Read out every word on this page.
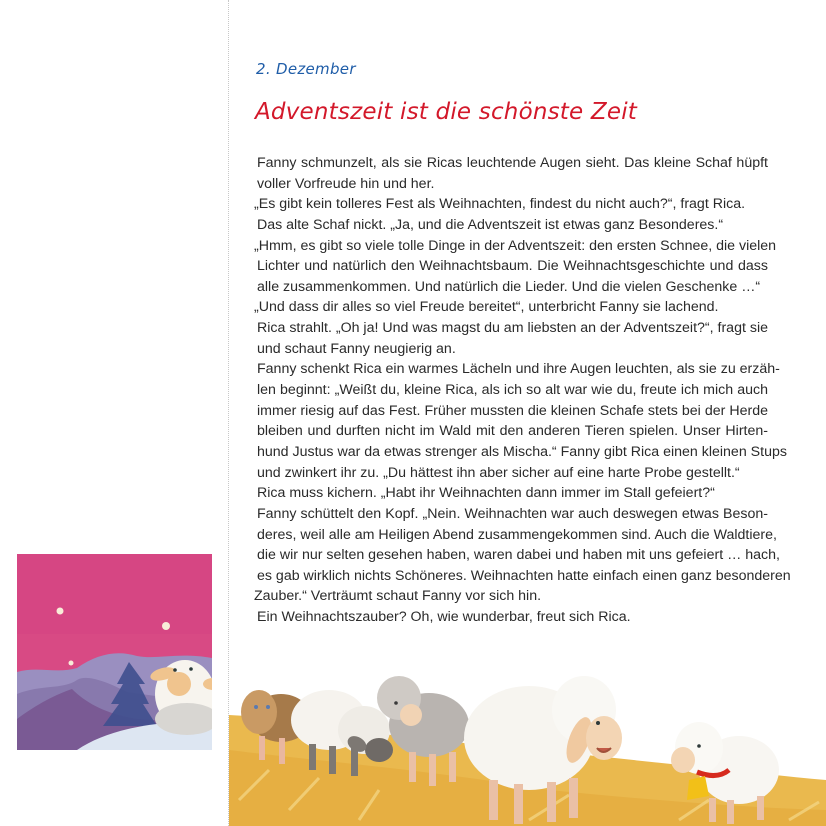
2. Dezember
Adventszeit ist die schönste Zeit
Fanny schmunzelt, als sie Ricas leuchtende Augen sieht. Das kleine Schaf hüpft
voller Vorfreude hin und her.
„Es gibt kein tolleres Fest als Weihnachten, findest du nicht auch?“, fragt Rica.
Das alte Schaf nickt. „Ja, und die Adventszeit ist etwas ganz Besonderes.“
„Hmm, es gibt so viele tolle Dinge in der Adventszeit: den ersten Schnee, die vielen
Lichter und natürlich den Weihnachtsbaum. Die Weihnachtsgeschichte und dass
alle zusammenkommen. Und natürlich die Lieder. Und die vielen Geschenke …“
„Und dass dir alles so viel Freude bereitet“, unterbricht Fanny sie lachend.
Rica strahlt. „Oh ja! Und was magst du am liebsten an der Adventszeit?“, fragt sie
und schaut Fanny neugierig an.
Fanny schenkt Rica ein warmes Lächeln und ihre Augen leuchten, als sie zu erzäh-
len beginnt: „Weißt du, kleine Rica, als ich so alt war wie du, freute ich mich auch
immer riesig auf das Fest. Früher mussten die kleinen Schafe stets bei der Herde
bleiben und durften nicht im Wald mit den anderen Tieren spielen. Unser Hirten-
hund Justus war da etwas strenger als Mischa.“ Fanny gibt Rica einen kleinen Stups
und zwinkert ihr zu. „Du hättest ihn aber sicher auf eine harte Probe gestellt.“
Rica muss kichern. „Habt ihr Weihnachten dann immer im Stall gefeiert?“
Fanny schüttelt den Kopf. „Nein. Weihnachten war auch deswegen etwas Beson-
deres, weil alle am Heiligen Abend zusammengekommen sind. Auch die Waldtiere,
die wir nur selten gesehen haben, waren dabei und haben mit uns gefeiert … hach,
es gab wirklich nichts Schöneres. Weihnachten hatte einfach einen ganz besonderen
Zauber.“ Verträumt schaut Fanny vor sich hin.
Ein Weihnachtszauber? Oh, wie wunderbar, freut sich Rica.
